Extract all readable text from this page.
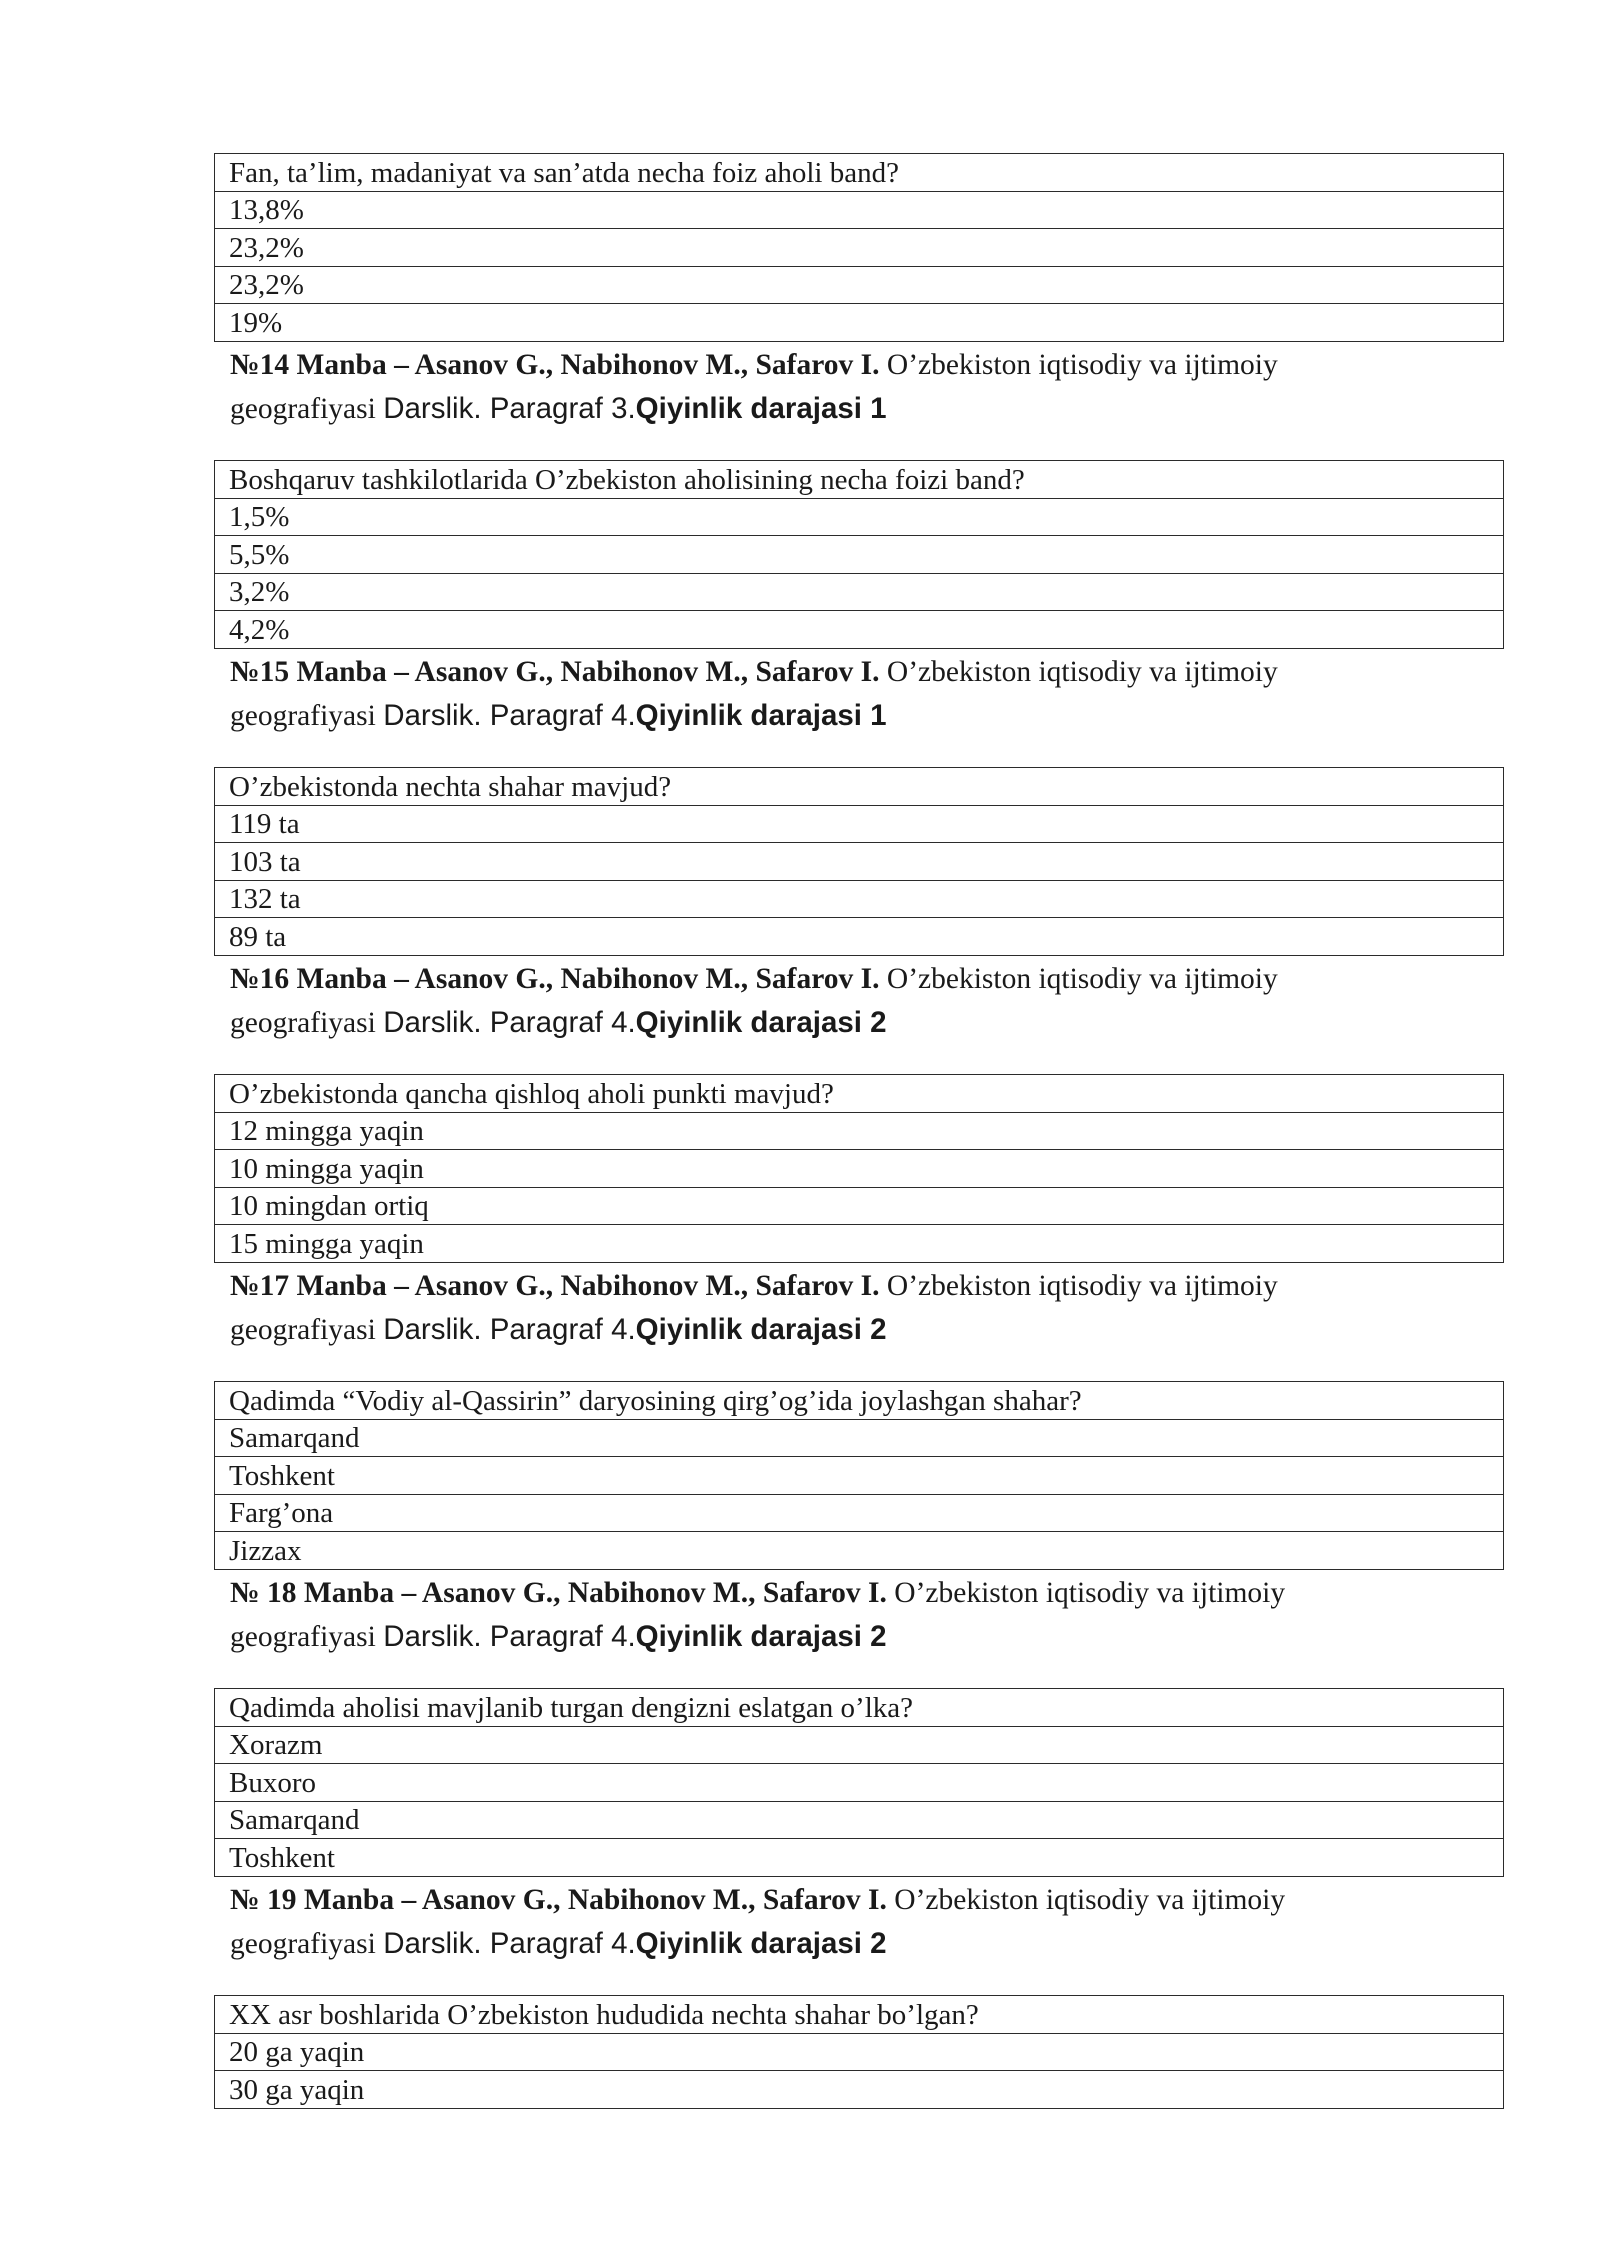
Fan, ta’lim, madaniyat va san’atda necha foiz aholi band?
13,8%
23,2%
23,2%
19%
№14 Manba – Asanov G., Nabihonov M., Safarov I. O’zbekiston iqtisodiy va ijtimoiy
geografiyasi Darslik. Paragraf 3.Qiyinlik darajasi 1
Boshqaruv tashkilotlarida O’zbekiston aholisining necha foizi band?
1,5%
5,5%
3,2%
4,2%
№15 Manba – Asanov G., Nabihonov M., Safarov I. O’zbekiston iqtisodiy va ijtimoiy
geografiyasi Darslik. Paragraf 4.Qiyinlik darajasi 1
O’zbekistonda nechta shahar mavjud?
119 ta
103 ta
132 ta
89 ta
№16 Manba – Asanov G., Nabihonov M., Safarov I. O’zbekiston iqtisodiy va ijtimoiy
geografiyasi Darslik. Paragraf 4.Qiyinlik darajasi 2
O’zbekistonda qancha qishloq aholi punkti mavjud?
12 mingga yaqin
10 mingga yaqin
10 mingdan ortiq
15 mingga yaqin
№17 Manba – Asanov G., Nabihonov M., Safarov I. O’zbekiston iqtisodiy va ijtimoiy
geografiyasi Darslik. Paragraf 4.Qiyinlik darajasi 2
Qadimda “Vodiy al-Qassirin” daryosining qirg’og’ida joylashgan shahar?
Samarqand
Toshkent
Farg’ona
Jizzax
№ 18 Manba – Asanov G., Nabihonov M., Safarov I. O’zbekiston iqtisodiy va ijtimoiy
geografiyasi Darslik. Paragraf 4.Qiyinlik darajasi 2
Qadimda aholisi mavjlanib turgan dengizni eslatgan o’lka?
Xorazm
Buxoro
Samarqand
Toshkent
№ 19 Manba – Asanov G., Nabihonov M., Safarov I. O’zbekiston iqtisodiy va ijtimoiy
geografiyasi Darslik. Paragraf 4.Qiyinlik darajasi 2
XX asr boshlarida O’zbekiston hududida nechta shahar bo’lgan?
20 ga yaqin
30 ga yaqin
